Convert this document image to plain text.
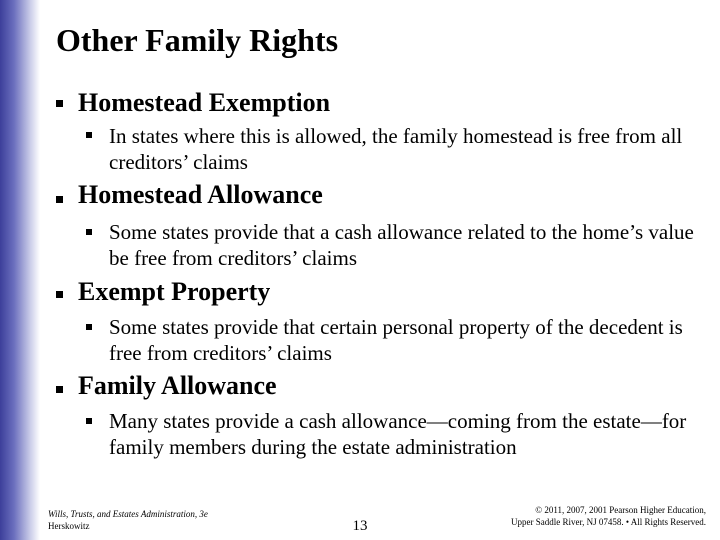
Other Family Rights
Homestead Exemption
In states where this is allowed, the family homestead is free from all creditors’ claims
Homestead Allowance
Some states provide that a cash allowance related to the home’s value be free from creditors’ claims
Exempt Property
Some states provide that certain personal property of the decedent is free from creditors’ claims
Family Allowance
Many states provide a cash allowance—coming from the estate—for family members during the estate administration
Wills, Trusts, and Estates Administration, 3e
Herskowitz	13
© 2011, 2007, 2001 Pearson Higher Education,
Upper Saddle River, NJ 07458. • All Rights Reserved.
